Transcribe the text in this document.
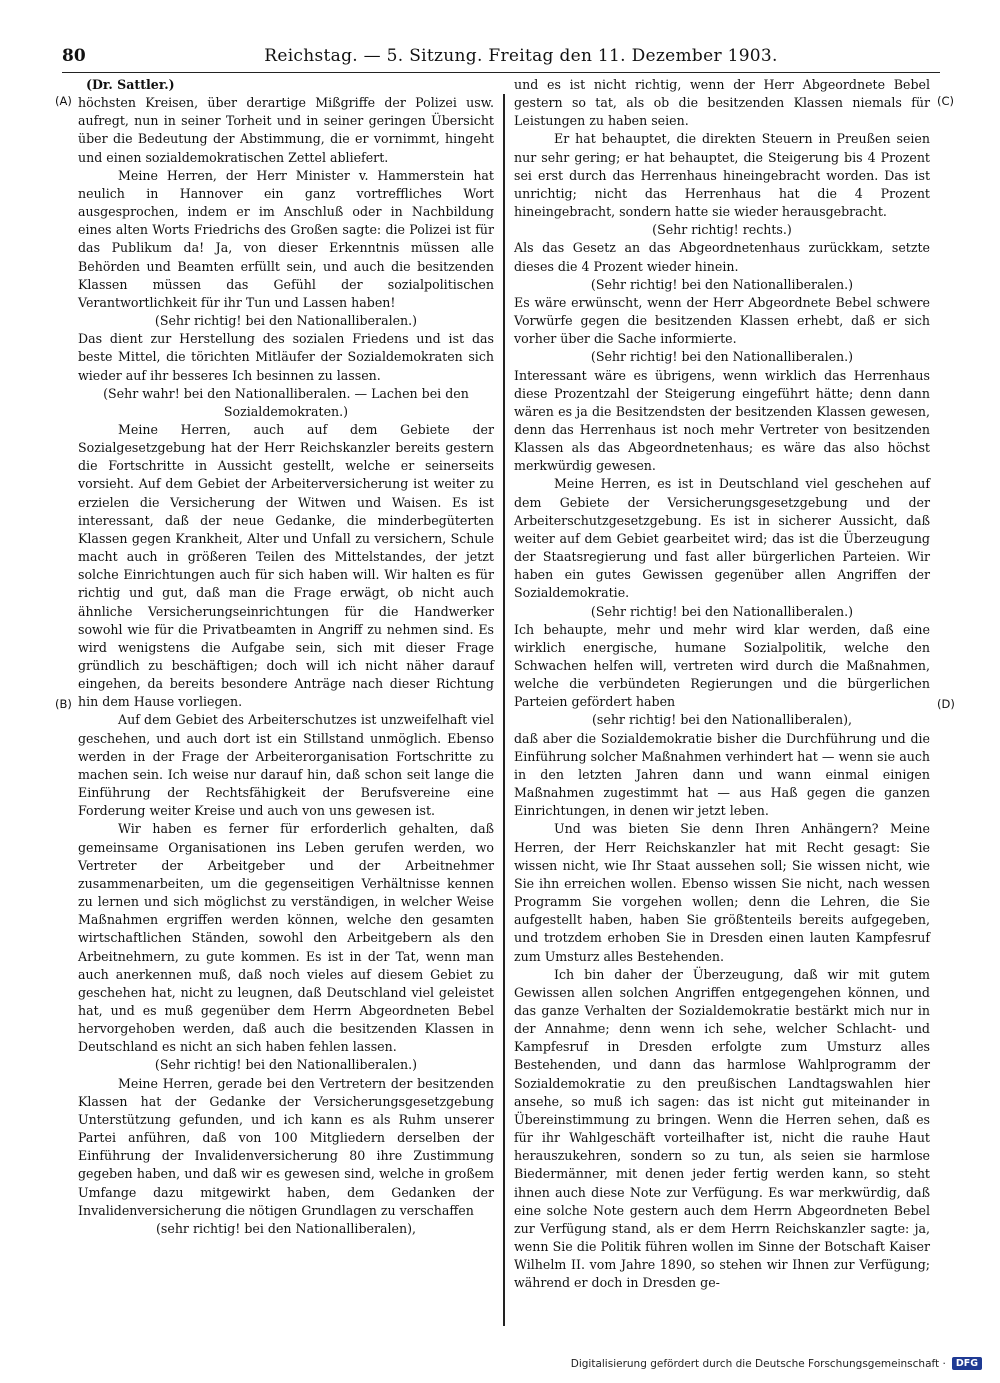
80	Reichstag. — 5. Sitzung. Freitag den 11. Dezember 1903.
(A)
(B)
(C)
(D)
(Dr. Sattler.)
höchsten Kreisen, über derartige Mißgriffe der Polizei usw. aufregt, nun in seiner Torheit und in seiner geringen Übersicht über die Bedeutung der Abstimmung, die er vornimmt, hingeht und einen sozialdemokratischen Zettel abliefert.
Meine Herren, der Herr Minister v. Hammerstein hat neulich in Hannover ein ganz vortreffliches Wort ausgesprochen, indem er im Anschluß oder in Nachbildung eines alten Worts Friedrichs des Großen sagte: die Polizei ist für das Publikum da! Ja, von dieser Erkenntnis müssen alle Behörden und Beamten erfüllt sein, und auch die besitzenden Klassen müssen das Gefühl der sozialpolitischen Verantwortlichkeit für ihr Tun und Lassen haben!
(Sehr richtig! bei den Nationalliberalen.)
Das dient zur Herstellung des sozialen Friedens und ist das beste Mittel, die törichten Mitläufer der Sozialdemokraten sich wieder auf ihr besseres Ich besinnen zu lassen.
(Sehr wahr! bei den Nationalliberalen. — Lachen bei den Sozialdemokraten.)
Meine Herren, auch auf dem Gebiete der Sozialgesetzgebung hat der Herr Reichskanzler bereits gestern die Fortschritte in Aussicht gestellt, welche er seinerseits vorsieht. Auf dem Gebiet der Arbeiterversicherung ist weiter zu erzielen die Versicherung der Witwen und Waisen. Es ist interessant, daß der neue Gedanke, die minderbegüterten Klassen gegen Krankheit, Alter und Unfall zu versichern, Schule macht auch in größeren Teilen des Mittelstandes, der jetzt solche Einrichtungen auch für sich haben will. Wir halten es für richtig und gut, daß man die Frage erwägt, ob nicht auch ähnliche Versicherungseinrichtungen für die Handwerker sowohl wie für die Privatbeamten in Angriff zu nehmen sind. Es wird wenigstens die Aufgabe sein, sich mit dieser Frage gründlich zu beschäftigen; doch will ich nicht näher darauf eingehen, da bereits besondere Anträge nach dieser Richtung hin dem Hause vorliegen.
Auf dem Gebiet des Arbeiterschutzes ist unzweifelhaft viel geschehen, und auch dort ist ein Stillstand unmöglich. Ebenso werden in der Frage der Arbeiterorganisation Fortschritte zu machen sein. Ich weise nur darauf hin, daß schon seit lange die Einführung der Rechtsfähigkeit der Berufsvereine eine Forderung weiter Kreise und auch von uns gewesen ist.
Wir haben es ferner für erforderlich gehalten, daß gemeinsame Organisationen ins Leben gerufen werden, wo Vertreter der Arbeitgeber und der Arbeitnehmer zusammenarbeiten, um die gegenseitigen Verhältnisse kennen zu lernen und sich möglichst zu verständigen, in welcher Weise Maßnahmen ergriffen werden können, welche den gesamten wirtschaftlichen Ständen, sowohl den Arbeitgebern als den Arbeitnehmern, zu gute kommen. Es ist in der Tat, wenn man auch anerkennen muß, daß noch vieles auf diesem Gebiet zu geschehen hat, nicht zu leugnen, daß Deutschland viel geleistet hat, und es muß gegenüber dem Herrn Abgeordneten Bebel hervorgehoben werden, daß auch die besitzenden Klassen in Deutschland es nicht an sich haben fehlen lassen.
(Sehr richtig! bei den Nationalliberalen.)
Meine Herren, gerade bei den Vertretern der besitzenden Klassen hat der Gedanke der Versicherungsgesetzgebung Unterstützung gefunden, und ich kann es als Ruhm unserer Partei anführen, daß von 100 Mitgliedern derselben der Einführung der Invalidenversicherung 80 ihre Zustimmung gegeben haben, und daß wir es gewesen sind, welche in großem Umfange dazu mitgewirkt haben, dem Gedanken der Invalidenversicherung die nötigen Grundlagen zu verschaffen
(sehr richtig! bei den Nationalliberalen),
und es ist nicht richtig, wenn der Herr Abgeordnete Bebel gestern so tat, als ob die besitzenden Klassen niemals für Leistungen zu haben seien.
Er hat behauptet, die direkten Steuern in Preußen seien nur sehr gering; er hat behauptet, die Steigerung bis 4 Prozent sei erst durch das Herrenhaus hineingebracht worden. Das ist unrichtig; nicht das Herrenhaus hat die 4 Prozent hineingebracht, sondern hatte sie wieder herausgebracht.
(Sehr richtig! rechts.)
Als das Gesetz an das Abgeordnetenhaus zurückkam, setzte dieses die 4 Prozent wieder hinein.
(Sehr richtig! bei den Nationalliberalen.)
Es wäre erwünscht, wenn der Herr Abgeordnete Bebel schwere Vorwürfe gegen die besitzenden Klassen erhebt, daß er sich vorher über die Sache informierte.
(Sehr richtig! bei den Nationalliberalen.)
Interessant wäre es übrigens, wenn wirklich das Herrenhaus diese Prozentzahl der Steigerung eingeführt hätte; denn dann wären es ja die Besitzendsten der besitzenden Klassen gewesen, denn das Herrenhaus ist noch mehr Vertreter von besitzenden Klassen als das Abgeordnetenhaus; es wäre das also höchst merkwürdig gewesen.
Meine Herren, es ist in Deutschland viel geschehen auf dem Gebiete der Versicherungsgesetzgebung und der Arbeiterschutzgesetzgebung. Es ist in sicherer Aussicht, daß weiter auf dem Gebiet gearbeitet wird; das ist die Überzeugung der Staatsregierung und fast aller bürgerlichen Parteien. Wir haben ein gutes Gewissen gegenüber allen Angriffen der Sozialdemokratie.
(Sehr richtig! bei den Nationalliberalen.)
Ich behaupte, mehr und mehr wird klar werden, daß eine wirklich energische, humane Sozialpolitik, welche den Schwachen helfen will, vertreten wird durch die Maßnahmen, welche die verbündeten Regierungen und die bürgerlichen Parteien gefördert haben
(sehr richtig! bei den Nationalliberalen),
daß aber die Sozialdemokratie bisher die Durchführung und die Einführung solcher Maßnahmen verhindert hat — wenn sie auch in den letzten Jahren dann und wann einmal einigen Maßnahmen zugestimmt hat — aus Haß gegen die ganzen Einrichtungen, in denen wir jetzt leben.
Und was bieten Sie denn Ihren Anhängern? Meine Herren, der Herr Reichskanzler hat mit Recht gesagt: Sie wissen nicht, wie Ihr Staat aussehen soll; Sie wissen nicht, wie Sie ihn erreichen wollen. Ebenso wissen Sie nicht, nach wessen Programm Sie vorgehen wollen; denn die Lehren, die Sie aufgestellt haben, haben Sie größtenteils bereits aufgegeben, und trotzdem erhoben Sie in Dresden einen lauten Kampfesruf zum Umsturz alles Bestehenden.
Ich bin daher der Überzeugung, daß wir mit gutem Gewissen allen solchen Angriffen entgegengehen können, und das ganze Verhalten der Sozialdemokratie bestärkt mich nur in der Annahme; denn wenn ich sehe, welcher Schlacht- und Kampfesruf in Dresden erfolgte zum Umsturz alles Bestehenden, und dann das harmlose Wahlprogramm der Sozialdemokratie zu den preußischen Landtagswahlen hier ansehe, so muß ich sagen: das ist nicht gut miteinander in Übereinstimmung zu bringen. Wenn die Herren sehen, daß es für ihr Wahlgeschäft vorteilhafter ist, nicht die rauhe Haut herauszukehren, sondern so zu tun, als seien sie harmlose Biedermänner, mit denen jeder fertig werden kann, so steht ihnen auch diese Note zur Verfügung. Es war merkwürdig, daß eine solche Note gestern auch dem Herrn Abgeordneten Bebel zur Verfügung stand, als er dem Herrn Reichskanzler sagte: ja, wenn Sie die Politik führen wollen im Sinne der Botschaft Kaiser Wilhelm II. vom Jahre 1890, so stehen wir Ihnen zur Verfügung; während er doch in Dresden ge-
Digitalisierung gefördert durch die Deutsche Forschungsgemeinschaft ·	DFG
